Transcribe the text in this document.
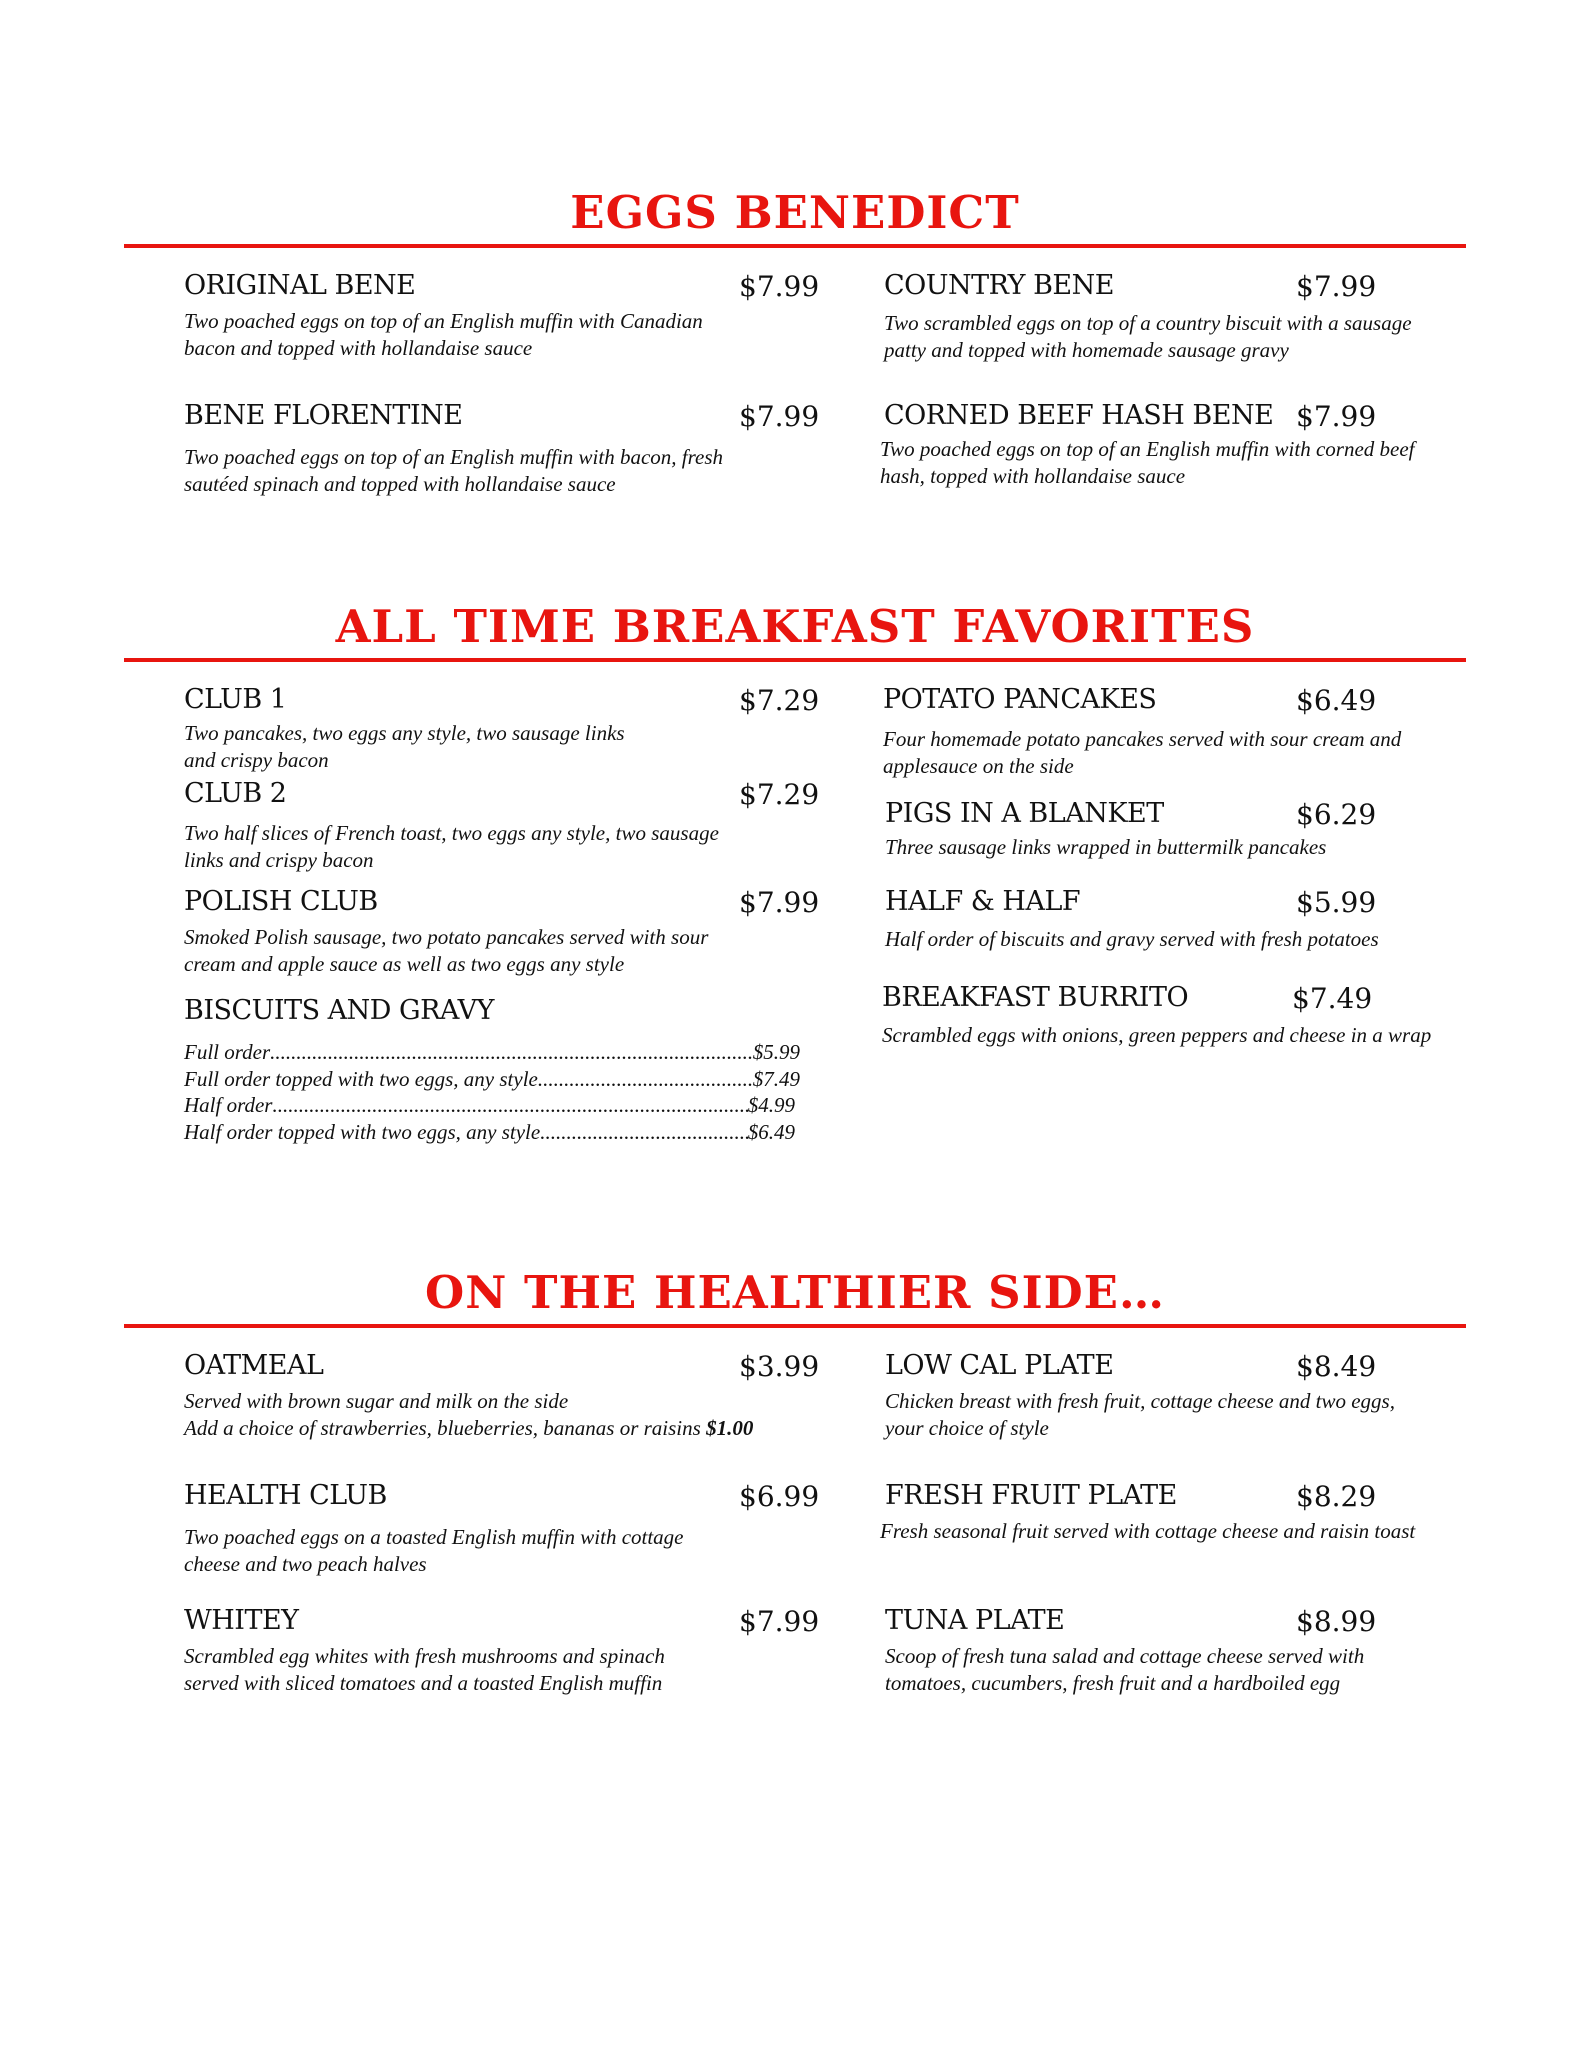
EGGS BENEDICT
ORIGINAL BENE	$7.99
Two poached eggs on top of an English muffin with Canadian
bacon and topped with hollandaise sauce
BENE FLORENTINE	$7.99
Two poached eggs on top of an English muffin with bacon, fresh
sautéed spinach and topped with hollandaise sauce
COUNTRY BENE	$7.99
Two scrambled eggs on top of a country biscuit with a sausage
patty and topped with homemade sausage gravy
CORNED BEEF HASH BENE $7.99
Two poached eggs on top of an English muffin with corned beef
hash, topped with hollandaise sauce
ALL TIME BREAKFAST FAVORITES
CLUB 1	$7.29
Two pancakes, two eggs any style, two sausage links
and crispy bacon
CLUB 2	$7.29
Two half slices of French toast, two eggs any style, two sausage
links and crispy bacon
POLISH CLUB	$7.99
Smoked Polish sausage, two potato pancakes served with sour
cream and apple sauce as well as two eggs any style
BISCUITS AND GRAVY
Full order .....	$5.99
Full order topped with two eggs, any style .....	$7.49
Half order .....	$4.99
Half order topped with two eggs, any style .....	$6.49
POTATO PANCAKES	$6.49
Four homemade potato pancakes served with sour cream and
applesauce on the side
PIGS IN A BLANKET	$6.29
Three sausage links wrapped in buttermilk pancakes
HALF & HALF	$5.99
Half order of biscuits and gravy served with fresh potatoes
BREAKFAST BURRITO	$7.49
Scrambled eggs with onions, green peppers and cheese in a wrap
ON THE HEALTHIER SIDE…
OATMEAL	$3.99
Served with brown sugar and milk on the side
Add a choice of strawberries, blueberries, bananas or raisins $1.00
HEALTH CLUB	$6.99
Two poached eggs on a toasted English muffin with cottage
cheese and two peach halves
WHITEY	$7.99
Scrambled egg whites with fresh mushrooms and spinach
served with sliced tomatoes and a toasted English muffin
LOW CAL PLATE	$8.49
Chicken breast with fresh fruit, cottage cheese and two eggs,
your choice of style
FRESH FRUIT PLATE	$8.29
Fresh seasonal fruit served with cottage cheese and raisin toast
TUNA PLATE	$8.99
Scoop of fresh tuna salad and cottage cheese served with
tomatoes, cucumbers, fresh fruit and a hardboiled egg
